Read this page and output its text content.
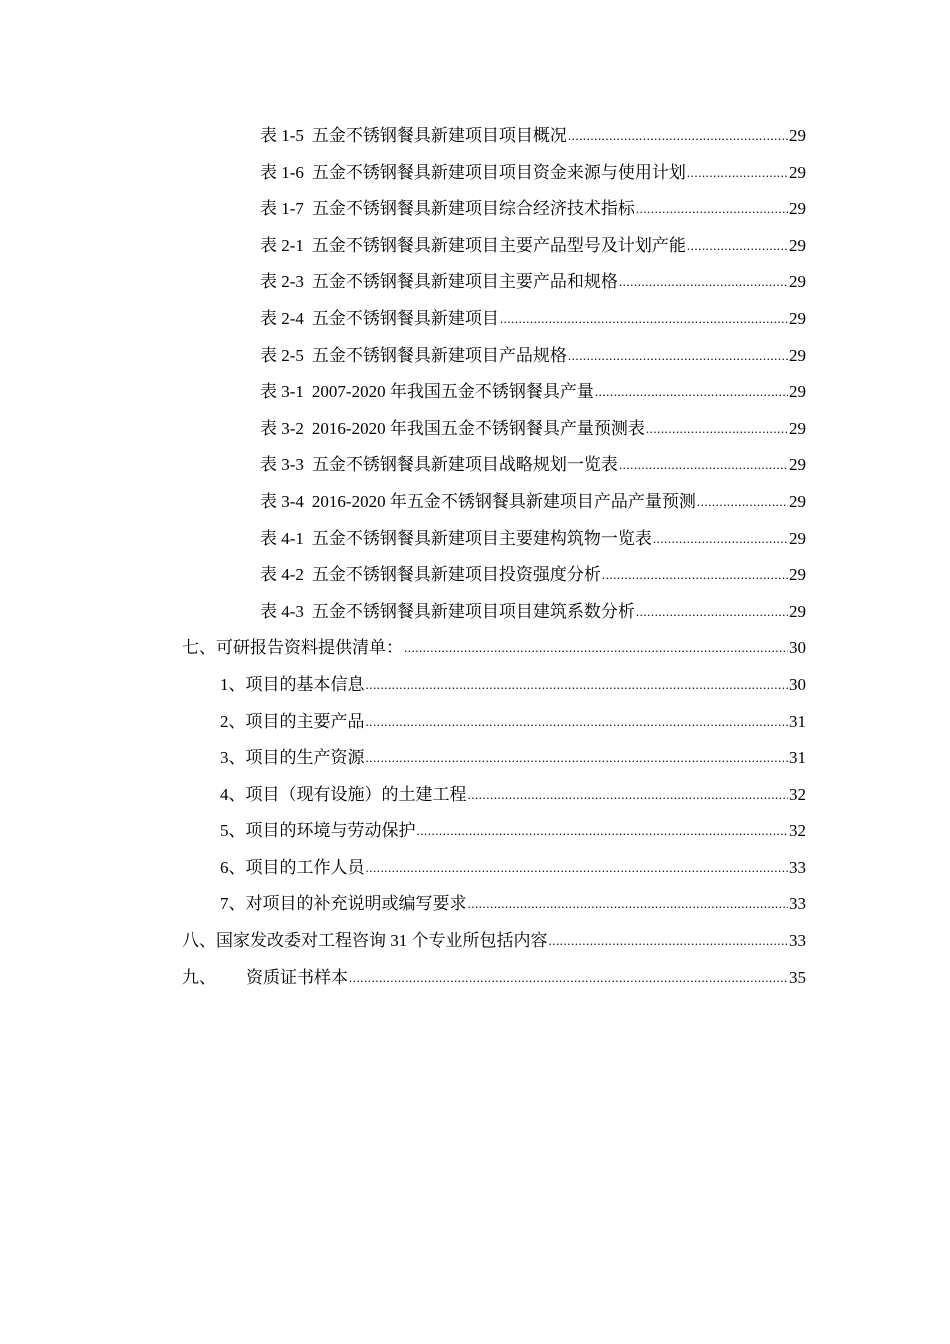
表 1-5 五金不锈钢餐具新建项目项目概况 .....	29
表 1-6 五金不锈钢餐具新建项目项目资金来源与使用计划 .....	29
表 1-7 五金不锈钢餐具新建项目综合经济技术指标 .....	29
表 2-1 五金不锈钢餐具新建项目主要产品型号及计划产能 .....	29
表 2-3 五金不锈钢餐具新建项目主要产品和规格 .....	29
表 2-4 五金不锈钢餐具新建项目 .....	29
表 2-5 五金不锈钢餐具新建项目产品规格 .....	29
表 3-1 2007-2020 年我国五金不锈钢餐具产量 .....	29
表 3-2 2016-2020 年我国五金不锈钢餐具产量预测表 .....	29
表 3-3 五金不锈钢餐具新建项目战略规划一览表 .....	29
表 3-4 2016-2020 年五金不锈钢餐具新建项目产品产量预测 .....	29
表 4-1 五金不锈钢餐具新建项目主要建构筑物一览表 .....	29
表 4-2 五金不锈钢餐具新建项目投资强度分析 .....	29
表 4-3 五金不锈钢餐具新建项目项目建筑系数分析 .....	29
七、可研报告资料提供清单： .....	30
1、项目的基本信息 .....	30
2、项目的主要产品 .....	31
3、项目的生产资源 .....	31
4、项目（现有设施）的土建工程 .....	32
5、项目的环境与劳动保护 .....	32
6、项目的工作人员 .....	33
7、对项目的补充说明或编写要求 .....	33
八、国家发改委对工程咨询 31 个专业所包括内容 .....	33
九、 资质证书样本 .....	35
